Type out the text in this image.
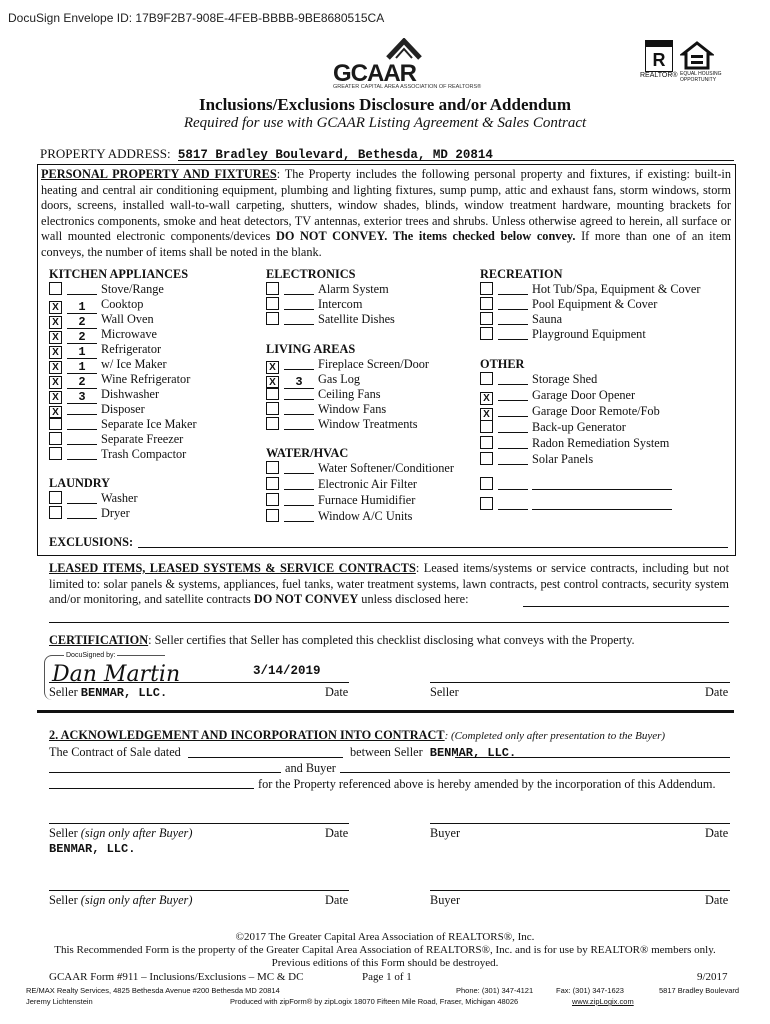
DocuSign Envelope ID: 17B9F2B7-908E-4FEB-BBBB-9BE8680515CA
GCAAR
GREATER CAPITAL AREA ASSOCIATION OF REALTORS®
R
REALTOR® EQUAL HOUSING OPPORTUNITY
Inclusions/Exclusions Disclosure and/or Addendum
Required for use with GCAAR Listing Agreement & Sales Contract
PROPERTY ADDRESS: 5817 Bradley Boulevard, Bethesda, MD 20814
PERSONAL PROPERTY AND FIXTURES: The Property includes the following personal property and fixtures, if existing: built-in heating and central air conditioning equipment, plumbing and lighting fixtures, sump pump, attic and exhaust fans, storm windows, storm doors, screens, installed wall-to-wall carpeting, shutters, window shades, blinds, window treatment hardware, mounting brackets for electronics components, smoke and heat detectors, TV antennas, exterior trees and shrubs. Unless otherwise agreed to herein, all surface or wall mounted electronic components/devices DO NOT CONVEY. The items checked below convey. If more than one of an item conveys, the number of items shall be noted in the blank.
KITCHEN APPLIANCES	ELECTRONICS	RECREATION
LIVING AREAS
OTHER
WATER/HVAC
LAUNDRY
Stove/Range
X 1 Cooktop
X 2 Wall Oven
X 2 Microwave
X 1 Refrigerator
X 1 w/ Ice Maker
X 2 Wine Refrigerator
X 3 Dishwasher
X	Disposer
Separate Ice Maker
Separate Freezer
Trash Compactor
Washer
Dryer
Alarm System
Intercom
Satellite Dishes
X	Fireplace Screen/Door
X 3 Gas Log
Ceiling Fans
Window Fans
Window Treatments
Water Softener/Conditioner
Electronic Air Filter
Furnace Humidifier
Window A/C Units
Hot Tub/Spa, Equipment & Cover
Pool Equipment & Cover
Sauna
Playground Equipment
Storage Shed
X	Garage Door Opener
X	Garage Door Remote/Fob
Back-up Generator
Radon Remediation System
Solar Panels
EXCLUSIONS:
LEASED ITEMS, LEASED SYSTEMS & SERVICE CONTRACTS: Leased items/systems or service contracts, including but not limited to: solar panels & systems, appliances, fuel tanks, water treatment systems, lawn contracts, pest control contracts, security system and/or monitoring, and satellite contracts DO NOT CONVEY unless disclosed here:
CERTIFICATION: Seller certifies that Seller has completed this checklist disclosing what conveys with the Property.
DocuSigned by:
Dan Martin	3/14/2019
Seller BENMAR, LLC.	Date	Seller	Date
2. ACKNOWLEDGEMENT AND INCORPORATION INTO CONTRACT: (Completed only after presentation to the Buyer)
The Contract of Sale dated	between Seller BENMAR, LLC.
and Buyer
for the Property referenced above is hereby amended by the incorporation of this Addendum.
Seller (sign only after Buyer)	Date	Buyer	Date
BENMAR, LLC.
Seller (sign only after Buyer)	Date	Buyer	Date
©2017 The Greater Capital Area Association of REALTORS®, Inc.
This Recommended Form is the property of the Greater Capital Area Association of REALTORS®, Inc. and is for use by REALTOR® members only.
Previous editions of this Form should be destroyed.
GCAAR Form #911 – Inclusions/Exclusions – MC & DC	Page 1 of 1	9/2017
RE/MAX Realty Services, 4825 Bethesda Avenue #200 Bethesda MD 20814
Jeremy Lichtenstein
Phone: (301) 347-4121	Fax: (301) 347-1623	5817 Bradley Boulevard
Produced with zipForm® by zipLogix 18070 Fifteen Mile Road, Fraser, Michigan 48026	www.zipLogix.com
